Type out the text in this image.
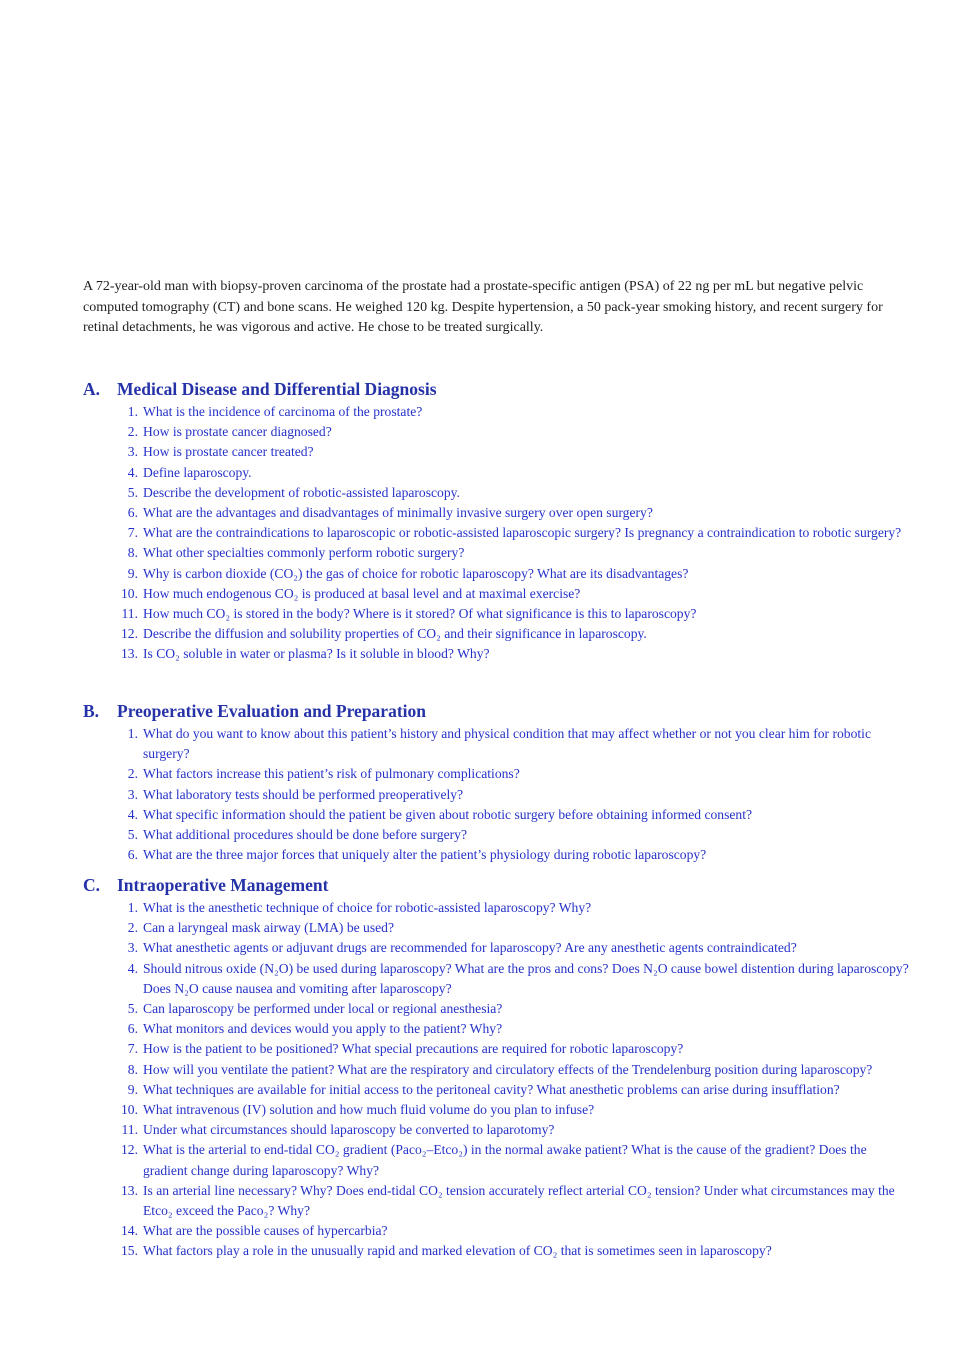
A 72-year-old man with biopsy-proven carcinoma of the prostate had a prostate-specific antigen (PSA) of 22 ng per mL but negative pelvic computed tomography (CT) and bone scans. He weighed 120 kg. Despite hypertension, a 50 pack-year smoking history, and recent surgery for retinal detachments, he was vigorous and active. He chose to be treated surgically.

A. Medical Disease and Differential Diagnosis
1. What is the incidence of carcinoma of the prostate?
2. How is prostate cancer diagnosed?
3. How is prostate cancer treated?
4. Define laparoscopy.
5. Describe the development of robotic-assisted laparoscopy.
6. What are the advantages and disadvantages of minimally invasive surgery over open surgery?
7. What are the contraindications to laparoscopic or robotic-assisted laparoscopic surgery? Is pregnancy a contraindication to robotic surgery?
8. What other specialties commonly perform robotic surgery?
9. Why is carbon dioxide (CO₂) the gas of choice for robotic laparoscopy? What are its disadvantages?
10. How much endogenous CO₂ is produced at basal level and at maximal exercise?
11. How much CO₂ is stored in the body? Where is it stored? Of what significance is this to laparoscopy?
12. Describe the diffusion and solubility properties of CO₂ and their significance in laparoscopy.
13. Is CO₂ soluble in water or plasma? Is it soluble in blood? Why?
B. Preoperative Evaluation and Preparation
1. What do you want to know about this patient’s history and physical condition that may affect whether or not you clear him for robotic surgery?
2. What factors increase this patient’s risk of pulmonary complications?
3. What laboratory tests should be performed preoperatively?
4. What specific information should the patient be given about robotic surgery before obtaining informed consent?
5. What additional procedures should be done before surgery?
6. What are the three major forces that uniquely alter the patient’s physiology during robotic laparoscopy?
C. Intraoperative Management
1. What is the anesthetic technique of choice for robotic-assisted laparoscopy? Why?
2. Can a laryngeal mask airway (LMA) be used?
3. What anesthetic agents or adjuvant drugs are recommended for laparoscopy? Are any anesthetic agents contraindicated?
4. Should nitrous oxide (N₂O) be used during laparoscopy? What are the pros and cons? Does N₂O cause bowel distention during laparoscopy? Does N₂O cause nausea and vomiting after laparoscopy?
5. Can laparoscopy be performed under local or regional anesthesia?
6. What monitors and devices would you apply to the patient? Why?
7. How is the patient to be positioned? What special precautions are required for robotic laparoscopy?
8. How will you ventilate the patient? What are the respiratory and circulatory effects of the Trendelenburg position during laparoscopy?
9. What techniques are available for initial access to the peritoneal cavity? What anesthetic problems can arise during insufflation?
10. What intravenous (IV) solution and how much fluid volume do you plan to infuse?
11. Under what circumstances should laparoscopy be converted to laparotomy?
12. What is the arterial to end-tidal CO₂ gradient (Paco₂–Etco₂) in the normal awake patient? What is the cause of the gradient? Does the gradient change during laparoscopy? Why?
13. Is an arterial line necessary? Why? Does end-tidal CO₂ tension accurately reflect arterial CO₂ tension? Under what circumstances may the Etco₂ exceed the Paco₂? Why?
14. What are the possible causes of hypercarbia?
15. What factors play a role in the unusually rapid and marked elevation of CO₂ that is sometimes seen in laparoscopy?
